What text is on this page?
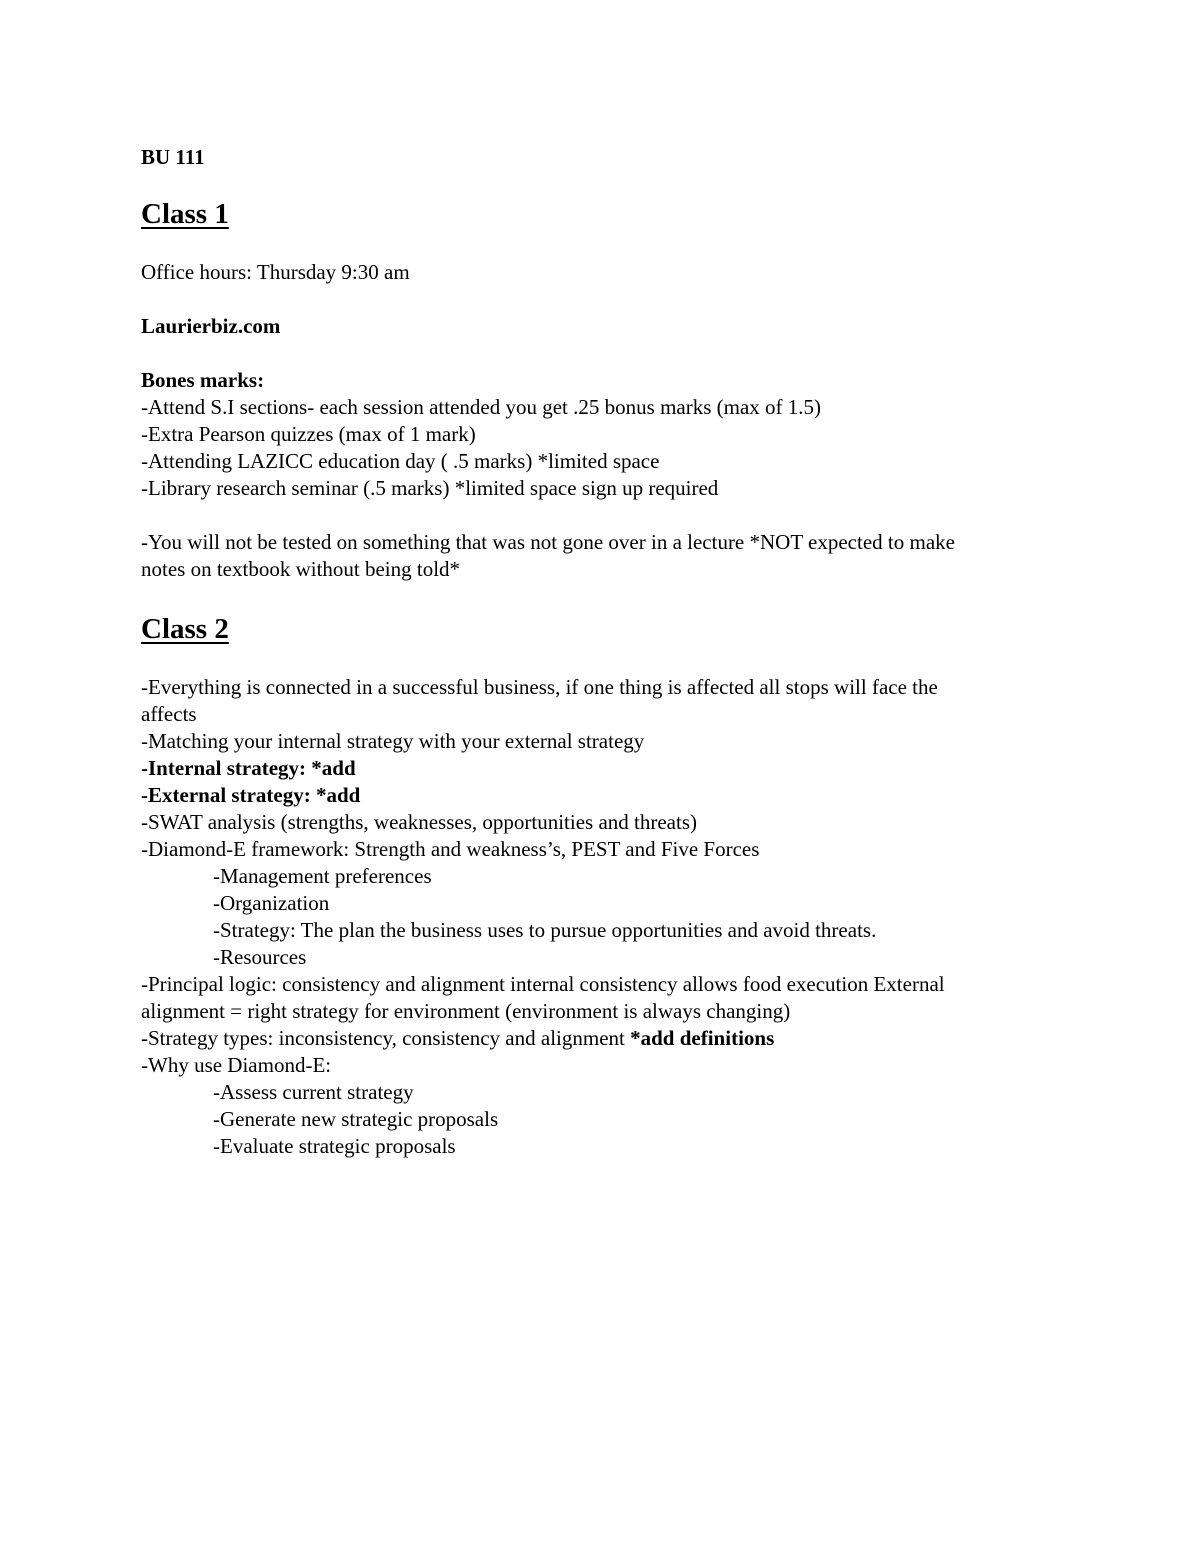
BU 111
Class 1
Office hours: Thursday 9:30 am
Laurierbiz.com
Bones marks:
-Attend S.I sections- each session attended you get .25 bonus marks (max of 1.5)
-Extra Pearson quizzes (max of 1 mark)
-Attending LAZICC education day ( .5 marks) *limited space
-Library research seminar (.5 marks) *limited space sign up required
-You will not be tested on something that was not gone over in a lecture *NOT expected to make
notes on textbook without being told*
Class 2
-Everything is connected in a successful business, if one thing is affected all stops will face the
affects
-Matching your internal strategy with your external strategy
-Internal strategy: *add
-External strategy: *add
-SWAT analysis (strengths, weaknesses, opportunities and threats)
-Diamond-E framework: Strength and weakness’s, PEST and Five Forces
-Management preferences
-Organization
-Strategy: The plan the business uses to pursue opportunities and avoid threats.
-Resources
-Principal logic: consistency and alignment internal consistency allows food execution External
alignment = right strategy for environment (environment is always changing)
-Strategy types: inconsistency, consistency and alignment *add definitions
-Why use Diamond-E:
-Assess current strategy
-Generate new strategic proposals
-Evaluate strategic proposals
